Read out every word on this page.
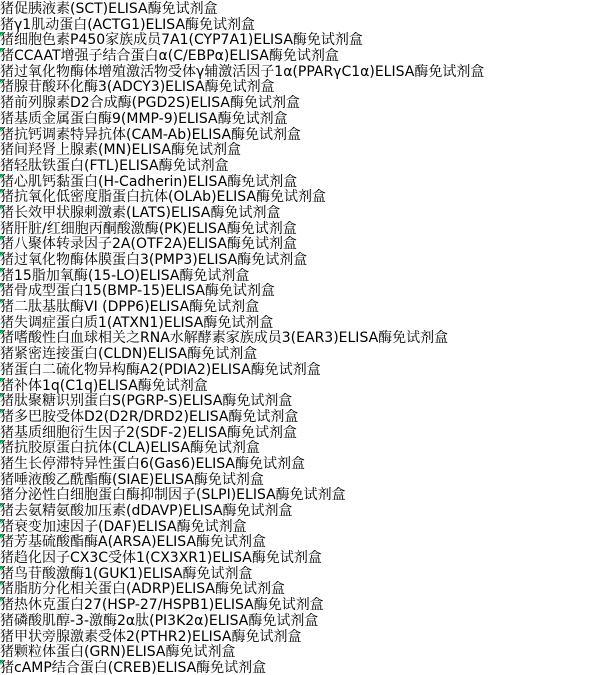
猪促胰液素(SCT)ELISA酶免试剂盒
猪γ1肌动蛋白(ACTG1)ELISA酶免试剂盒
猪细胞色素P450家族成员7A1(CYP7A1)ELISA酶免试剂盒
猪CCAAT增强子结合蛋白α(C/EBPα)ELISA酶免试剂盒
猪过氧化物酶体增殖激活物受体γ辅激活因子1α(PPARγC1α)ELISA酶免试剂盒
猪腺苷酸环化酶3(ADCY3)ELISA酶免试剂盒
猪前列腺素D2合成酶(PGD2S)ELISA酶免试剂盒
猪基质金属蛋白酶9(MMP-9)ELISA酶免试剂盒
猪抗钙调素特异抗体(CAM-Ab)ELISA酶免试剂盒
猪间羟肾上腺素(MN)ELISA酶免试剂盒
猪轻肽铁蛋白(FTL)ELISA酶免试剂盒
猪心肌钙黏蛋白(H-Cadherin)ELISA酶免试剂盒
猪抗氧化低密度脂蛋白抗体(OLAb)ELISA酶免试剂盒
猪长效甲状腺刺激素(LATS)ELISA酶免试剂盒
猪肝脏/红细胞丙酮酸激酶(PK)ELISA酶免试剂盒
猪八聚体转录因子2A(OTF2A)ELISA酶免试剂盒
猪过氧化物酶体膜蛋白3(PMP3)ELISA酶免试剂盒
猪15脂加氧酶(15-LO)ELISA酶免试剂盒
猪骨成型蛋白15(BMP-15)ELISA酶免试剂盒
猪二肽基肽酶VI (DPP6)ELISA酶免试剂盒
猪失调症蛋白质1(ATXN1)ELISA酶免试剂盒
猪嗜酸性白血球相关之RNA水解酵素家族成员3(EAR3)ELISA酶免试剂盒
猪紧密连接蛋白(CLDN)ELISA酶免试剂盒
猪蛋白二硫化物异构酶A2(PDIA2)ELISA酶免试剂盒
猪补体1q(C1q)ELISA酶免试剂盒
猪肽聚糖识别蛋白S(PGRP-S)ELISA酶免试剂盒
猪多巴胺受体D2(D2R/DRD2)ELISA酶免试剂盒
猪基质细胞衍生因子2(SDF-2)ELISA酶免试剂盒
猪抗胶原蛋白抗体(CLA)ELISA酶免试剂盒
猪生长停滞特异性蛋白6(Gas6)ELISA酶免试剂盒
猪唾液酸乙酰酯酶(SIAE)ELISA酶免试剂盒
猪分泌性白细胞蛋白酶抑制因子(SLPI)ELISA酶免试剂盒
猪去氨精氨酸加压素(dDAVP)ELISA酶免试剂盒
猪衰变加速因子(DAF)ELISA酶免试剂盒
猪芳基硫酸酯酶A(ARSA)ELISA酶免试剂盒
猪趋化因子CX3C受体1(CX3XR1)ELISA酶免试剂盒
猪鸟苷酸激酶1(GUK1)ELISA酶免试剂盒
猪脂肪分化相关蛋白(ADRP)ELISA酶免试剂盒
猪热休克蛋白27(HSP-27/HSPB1)ELISA酶免试剂盒
猪磷酸肌醇-3-激酶2α肽(PI3K2α)ELISA酶免试剂盒
猪甲状旁腺激素受体2(PTHR2)ELISA酶免试剂盒
猪颗粒体蛋白(GRN)ELISA酶免试剂盒
猪cAMP结合蛋白(CREB)ELISA酶免试剂盒
